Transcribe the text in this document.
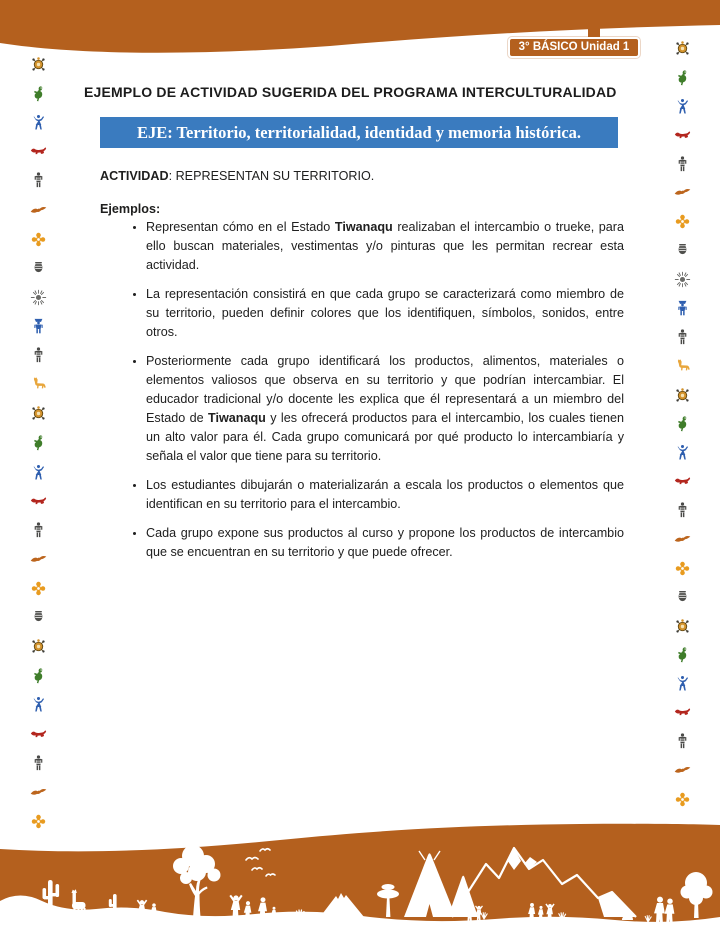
3° BÁSICO Unidad 1
EJEMPLO DE ACTIVIDAD SUGERIDA DEL PROGRAMA INTERCULTURALIDAD
EJE: Territorio, territorialidad, identidad y memoria histórica.
ACTIVIDAD: REPRESENTAN SU TERRITORIO.
Ejemplos:
• Representan cómo en el Estado Tiwanaqu realizaban el intercambio o trueke, para ello buscan materiales, vestimentas y/o pinturas que les permitan recrear esta actividad.
• La representación consistirá en que cada grupo se caracterizará como miembro de su territorio, pueden definir colores que los identifiquen, símbolos, sonidos, entre otros.
• Posteriormente cada grupo identificará los productos, alimentos, materiales o elementos valiosos que observa en su territorio y que podrían intercambiar. El educador tradicional y/o docente les explica que él representará a un miembro del Estado de Tiwanaqu y les ofrecerá productos para el intercambio, los cuales tienen un alto valor para él. Cada grupo comunicará por qué producto lo intercambiaría y señala el valor que tiene para su territorio.
• Los estudiantes dibujarán o materializarán a escala los productos o elementos que identifican en su territorio para el intercambio.
• Cada grupo expone sus productos al curso y propone los productos de intercambio que se encuentran en su territorio y que puede ofrecer.
